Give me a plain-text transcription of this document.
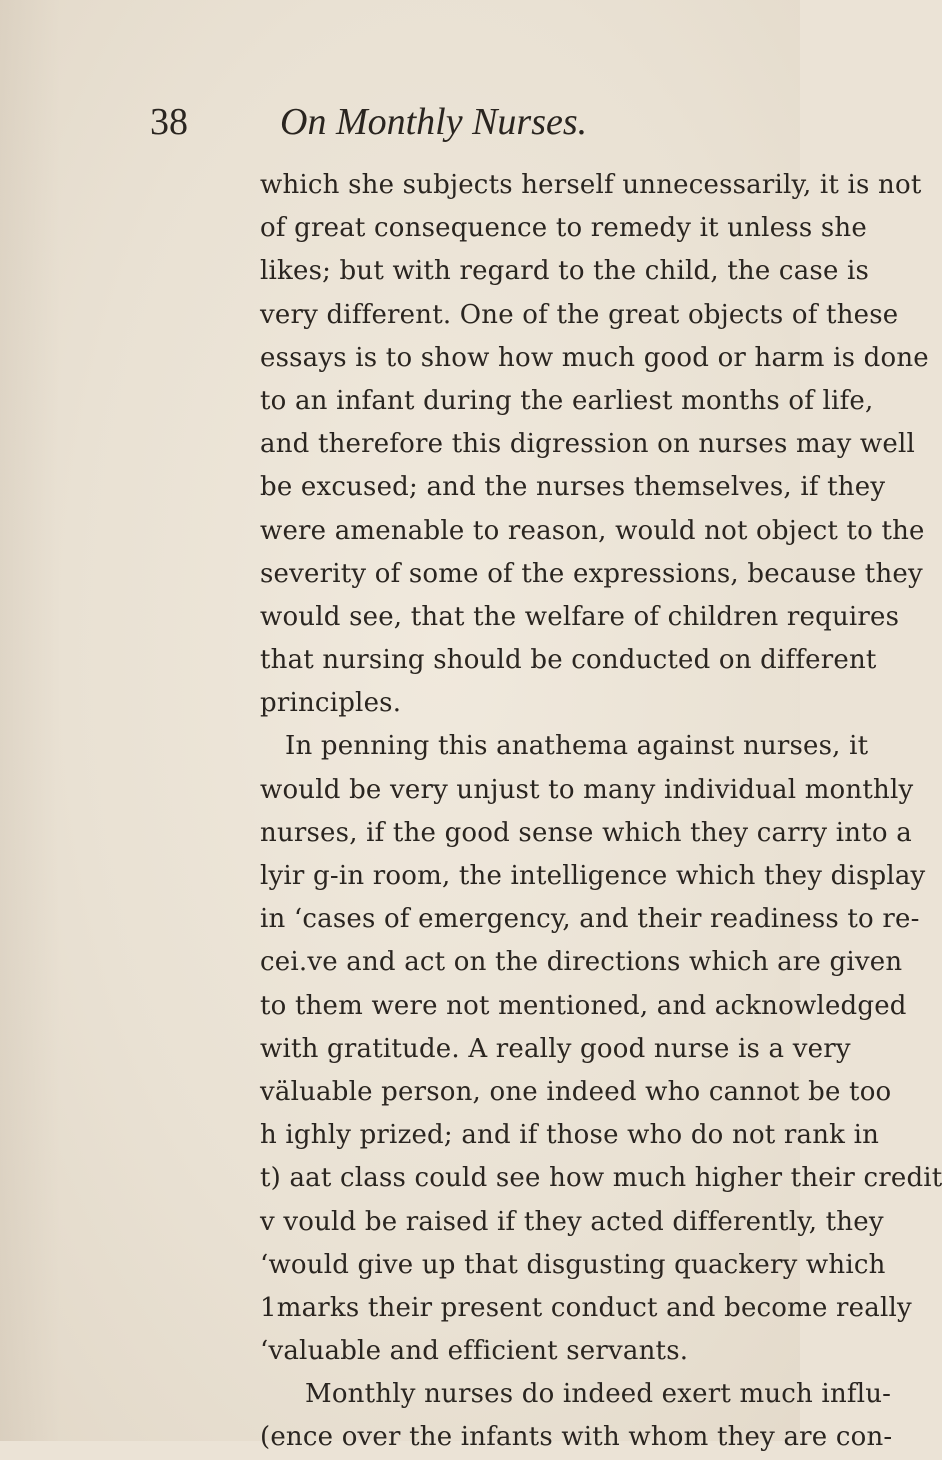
38 On Monthly Nurses.
which she subjects herself unnecessarily, it is not
of great consequence to remedy it unless she
likes; but with regard to the child, the case is
very different. One of the great objects of these
essays is to show how much good or harm is done
to an infant during the earliest months of life,
and therefore this digression on nurses may well
be excused; and the nurses themselves, if they
were amenable to reason, would not object to the
severity of some of the expressions, because they
would see, that the welfare of children requires
that nursing should be conducted on different
principles.
In penning this anathema against nurses, it
would be very unjust to many individual monthly
nurses, if the good sense which they carry into a
lyir g-in room, the intelligence which they display
in ‘cases of emergency, and their readiness to re-
cei.ve and act on the directions which are given
to them were not mentioned, and acknowledged
with gratitude. A really good nurse is a very
väluable person, one indeed who cannot be too
h ighly prized; and if those who do not rank in
t) aat class could see how much higher their credit
v vould be raised if they acted differently, they
‘would give up that disgusting quackery which
1marks their present conduct and become really
‘valuable and efficient servants.
Monthly nurses do indeed exert much influ-
(ence over the infants with whom they are con-
